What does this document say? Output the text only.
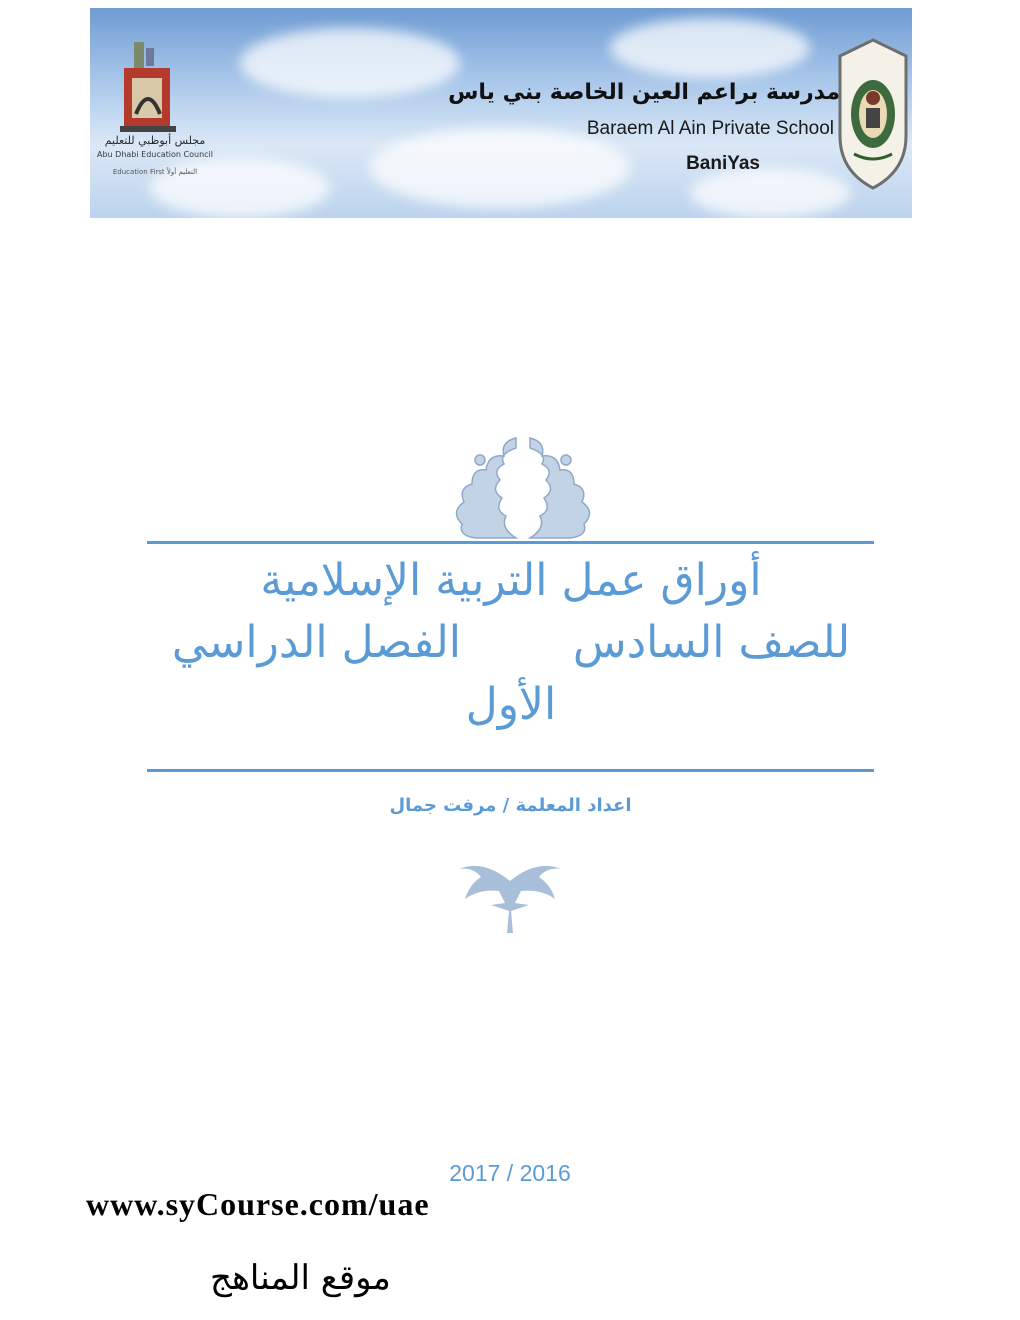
مجلس أبوظبي للتعليم
Abu Dhabi Education Council
Education First التعليم أولاً
مدرسة براعم العين الخاصة بني ياس
Baraem Al Ain Private School
BaniYas
أوراق عمل التربية الإسلامية
للصف السادس        الفصل الدراسي
الأول
اعداد المعلمة / مرفت جمال
2017 / 2016
www.syCourse.com/uae
موقع المناهج
